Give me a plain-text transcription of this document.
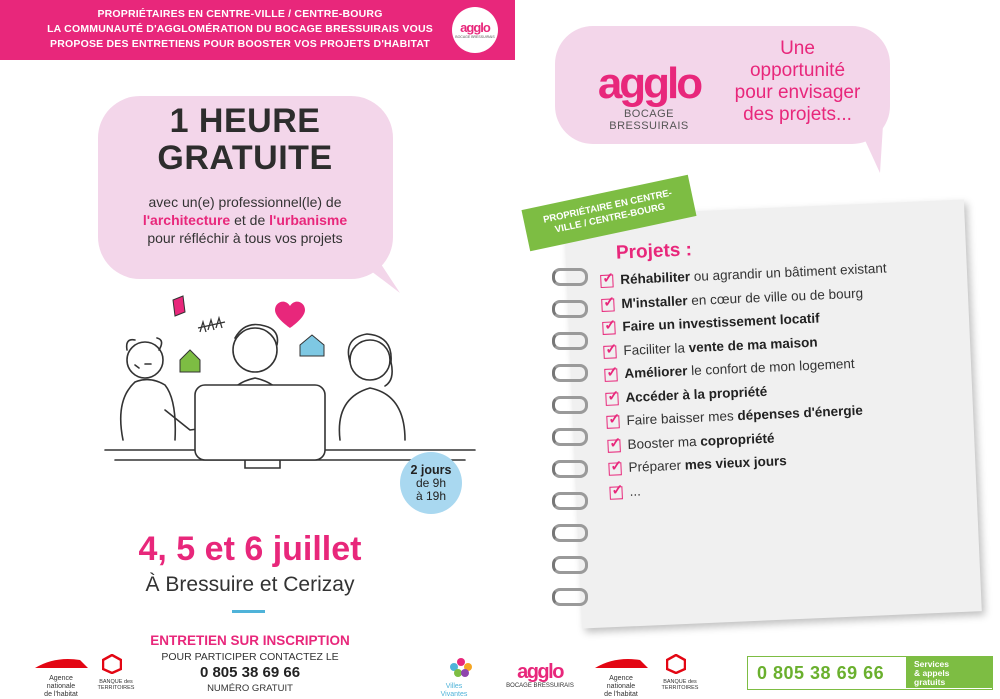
PROPRIÉTAIRES EN CENTRE-VILLE / CENTRE-BOURG
LA COMMUNAUTÉ D'AGGLOMÉRATION DU BOCAGE BRESSUIRAIS VOUS
PROPOSE DES ENTRETIENS POUR BOOSTER VOS PROJETS D'HABITAT
agglo
BOCAGE BRESSUIRAIS
1 HEURE
GRATUITE
avec un(e) professionnel(le) de
l'architecture et de l'urbanisme
pour réfléchir à tous vos projets
2 jours
de 9h
à 19h
4, 5 et 6 juillet
À Bressuire et Cerizay
ENTRETIEN SUR INSCRIPTION
POUR PARTICIPER CONTACTEZ LE
0 805 38 69 66
NUMÉRO GRATUIT
agglo
BOCAGE BRESSUIRAIS
Une
opportunité
pour envisager
des projets...
PROPRIÉTAIRE EN CENTRE-VILLE / CENTRE-BOURG
Projets :
✓
Réhabiliter ou agrandir un bâtiment existant
✓
M'installer en cœur de ville ou de bourg
✓
Faire un investissement locatif
✓
Faciliter la vente de ma maison
✓
Améliorer le confort de mon logement
✓
Accéder à la propriété
✓
Faire baisser mes dépenses d'énergie
✓
Booster ma copropriété
✓
Préparer mes vieux jours
✓
...
Agence
nationale
de l'habitat
BANQUE des
TERRITOIRES	Villes
Vivantes
agglo
BOCAGE BRESSUIRAIS
Agence
nationale
de l'habitat
BANQUE des
TERRITOIRES
0 805 38 69 66	Services
& appels
gratuits
